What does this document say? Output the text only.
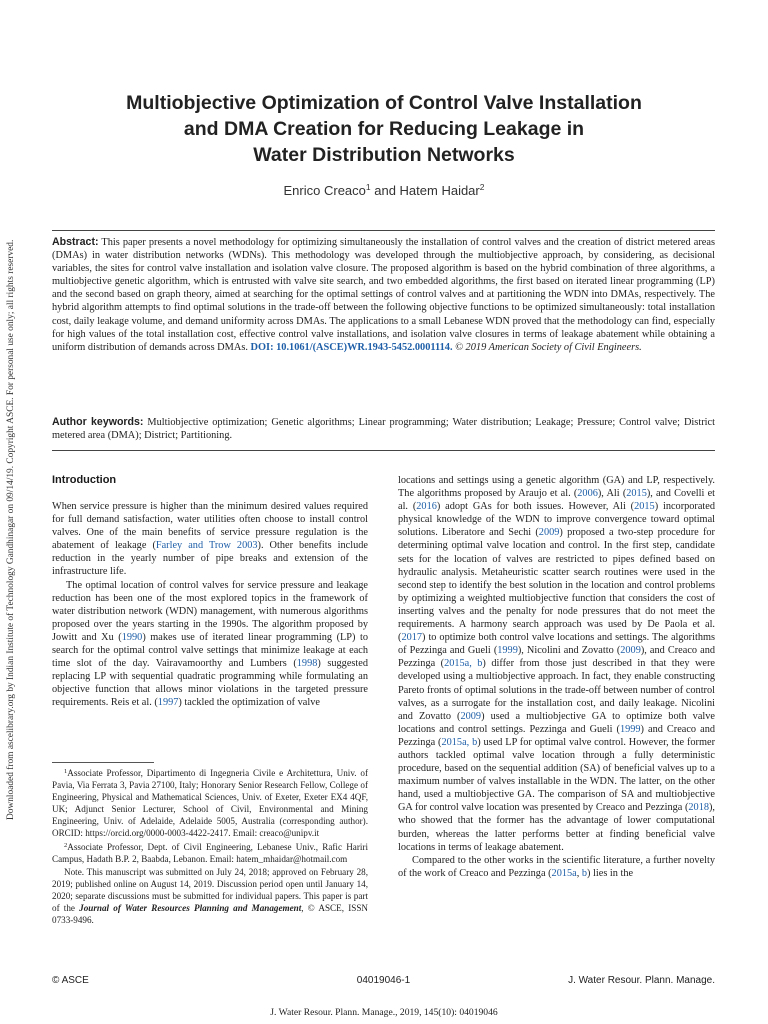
Downloaded from ascelibrary.org by Indian Institute of Technology Gandhinagar on 09/14/19. Copyright ASCE. For personal use only; all rights reserved.
Multiobjective Optimization of Control Valve Installation
and DMA Creation for Reducing Leakage in
Water Distribution Networks
Enrico Creaco$^1$ and Hatem Haidar$^2$
Abstract: This paper presents a novel methodology for optimizing simultaneously the installation of control valves and the creation of district metered areas (DMAs) in water distribution networks (WDNs). This methodology was developed through the multiobjective approach, by considering, as decisional variables, the sites for control valve installation and isolation valve closure. The proposed algorithm is based on the hybrid combination of three algorithms, a multiobjective genetic algorithm, which is entrusted with valve site search, and two embedded algorithms, the first based on iterated linear programming (LP) and the second based on graph theory, aimed at searching for the optimal settings of control valves and at partitioning the WDN into DMAs, respectively. The hybrid algorithm attempts to find optimal solutions in the trade-off between the following objective functions to be optimized simultaneously: total installation cost, daily leakage volume, and demand uniformity across DMAs. The applications to a small Lebanese WDN proved that the methodology can find, especially for high values of the total installation cost, effective control valve installations, and isolation valve closures in terms of leakage abatement while obtaining a uniform distribution of demands across DMAs. DOI: 10.1061/(ASCE)WR.1943-5452.0001114. © 2019 American Society of Civil Engineers.
Author keywords: Multiobjective optimization; Genetic algorithms; Linear programming; Water distribution; Leakage; Pressure; Control valve; District metered area (DMA); District; Partitioning.
Introduction

When service pressure is higher than the minimum desired values required for full demand satisfaction, water utilities often choose to install control valves. One of the main benefits of service pressure regulation is the abatement of leakage (Farley and Trow 2003). Other benefits include reduction in the yearly number of pipe breaks and extension of the infrastructure life.

The optimal location of control valves for service pressure and leakage reduction has been one of the most explored topics in the framework of water distribution network (WDN) management, with numerous algorithms proposed over the years starting in the 1990s. The algorithm proposed by Jowitt and Xu (1990) makes use of iterated linear programming (LP) to search for the optimal control valve settings that minimize leakage at each time slot of the day. Vairavamoorthy and Lumbers (1998) suggested replacing LP with sequential quadratic programming while formulating an objective function that allows minor violations in the targeted pressure requirements. Reis et al. (1997) tackled the optimization of valve

locations and settings using a genetic algorithm (GA) and LP, respectively. The algorithms proposed by Araujo et al. (2006), Ali (2015), and Covelli et al. (2016) adopt GAs for both issues. However, Ali (2015) incorporated physical knowledge of the WDN to improve convergence toward optimal solutions. Liberatore and Sechi (2009) proposed a two-step procedure for determining optimal valve location and control. In the first step, candidate sets for the location of valves are restricted to pipes defined based on hydraulic analysis. Metaheuristic scatter search routines were used in the second step to identify the best solution in the location and control problems by optimizing a weighted multiobjective function that considers the cost of inserting valves and the penalty for node pressures that do not meet the requirements. A harmony search approach was used by De Paola et al. (2017) to optimize both control valve locations and settings. The algorithms of Pezzinga and Gueli (1999), Nicolini and Zovatto (2009), and Creaco and Pezzinga (2015a, b) differ from those just described in that they were developed using a multiobjective approach. In fact, they enable constructing Pareto fronts of optimal solutions in the trade-off between number of control valves, as a surrogate for the installation cost, and daily leakage. Nicolini and Zovatto (2009) used a multiobjective GA to optimize both valve locations and control settings. Pezzinga and Gueli (1999) and Creaco and Pezzinga (2015a, b) used LP for optimal valve control. However, the former authors tackled optimal valve location through a fully deterministic procedure, based on the sequential addition (SA) of beneficial valves up to a maximum number of valves installable in the WDN. The latter, on the other hand, used a multiobjective GA. The comparison of SA and multiobjective GA for control valve location was presented by Creaco and Pezzinga (2018), who showed that the former has the advantage of lower computational burden, whereas the latter performs better at finding beneficial valve locations in terms of leakage abatement.

Compared to the other works in the scientific literature, a further novelty of the work of Creaco and Pezzinga (2015a, b) lies in the

$^1$Associate Professor, Dipartimento di Ingegneria Civile e Architettura, Univ. of Pavia, Via Ferrata 3, Pavia 27100, Italy; Honorary Senior Research Fellow, College of Engineering, Physical and Mathematical Sciences, Univ. of Exeter, Exeter EX4 4QF, UK; Adjunct Senior Lecturer, School of Civil, Environmental and Mining Engineering, Univ. of Adelaide, Adelaide 5005, Australia (corresponding author). ORCID: https://orcid.org/0000-0003-4422-2417. Email: creaco@unipv.it

$^2$Associate Professor, Dept. of Civil Engineering, Lebanese Univ., Rafic Hariri Campus, Hadath B.P. 2, Baabda, Lebanon. Email: hatem_mhaidar@hotmail.com

Note. This manuscript was submitted on July 24, 2018; approved on February 28, 2019; published online on August 14, 2019. Discussion period open until January 14, 2020; separate discussions must be submitted for individual papers. This paper is part of the Journal of Water Resources Planning and Management, © ASCE, ISSN 0733-9496.

© ASCE	04019046-1	J. Water Resour. Plann. Manage.
J. Water Resour. Plann. Manage., 2019, 145(10): 04019046
